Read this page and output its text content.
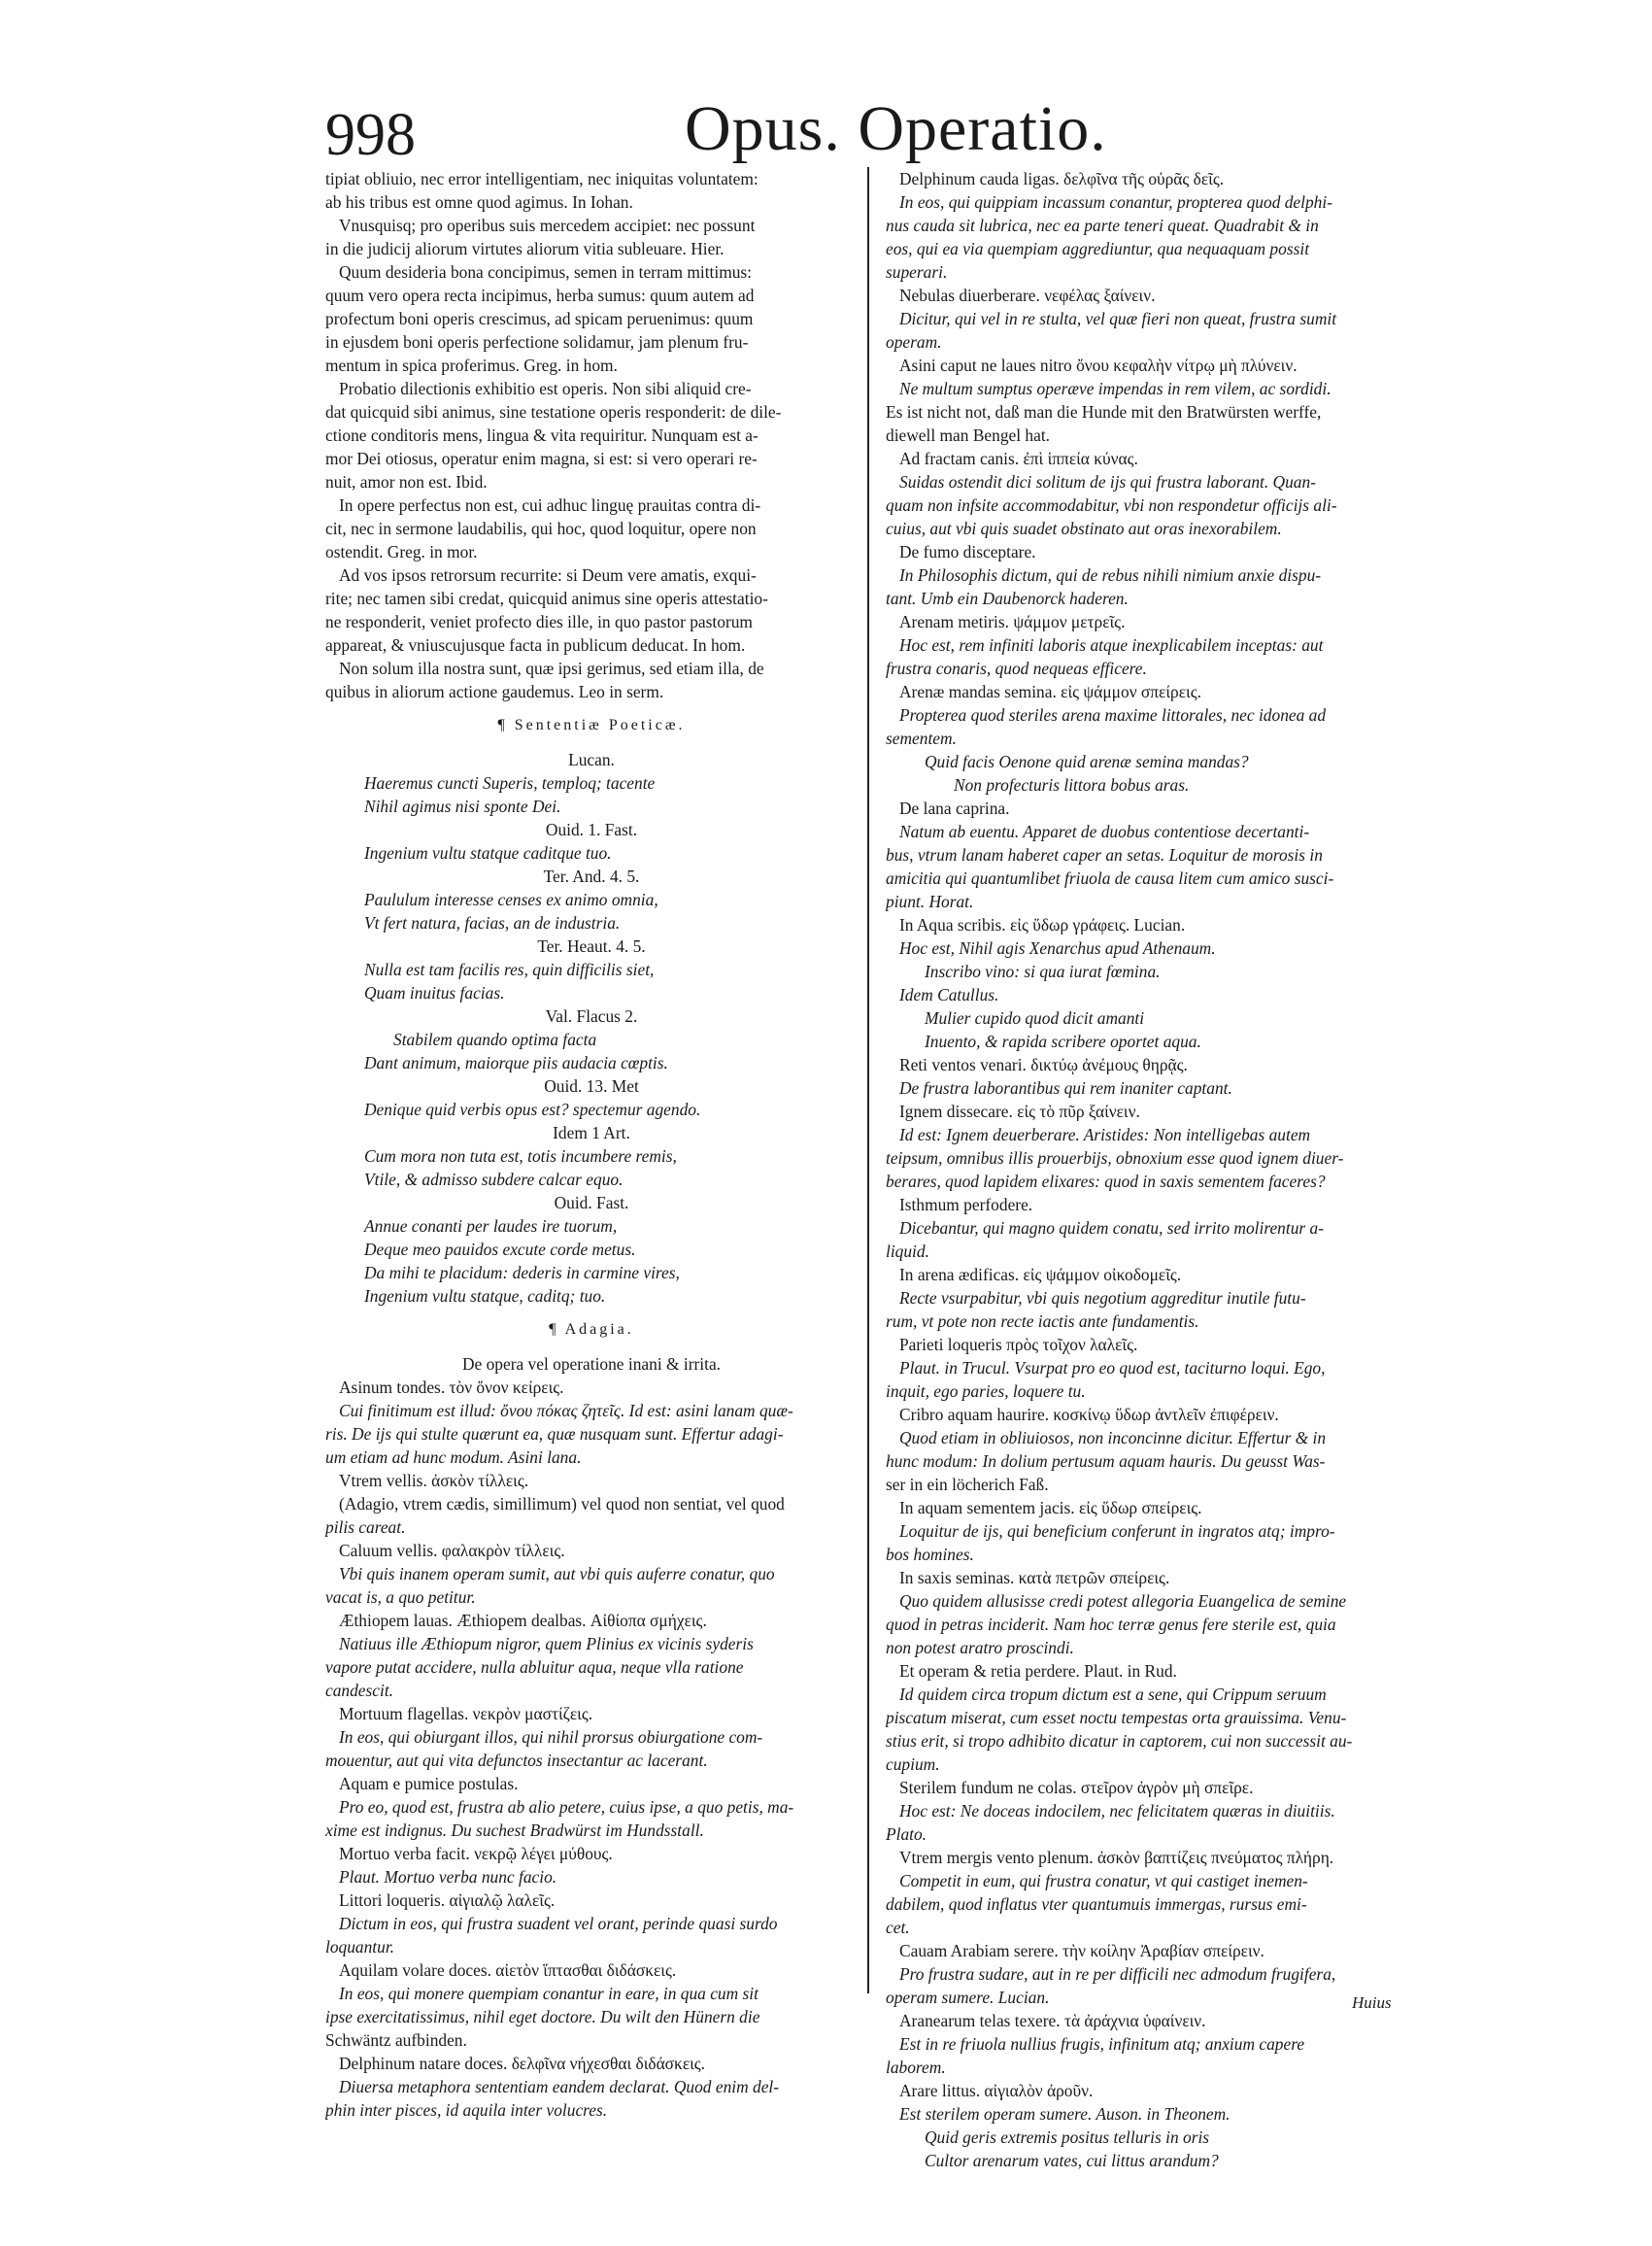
998	Opus. Operatio.
tipiat obliuio, nec error intelligentiam, nec iniquitas voluntatem:
ab his tribus est omne quod agimus. In Iohan.
Vnusquisq; pro operibus suis mercedem accipiet: nec possunt
in die judicij aliorum virtutes aliorum vitia subleuare. Hier.
Quum desideria bona concipimus, semen in terram mittimus:
quum vero opera recta incipimus, herba sumus: quum autem ad
profectum boni operis crescimus, ad spicam peruenimus: quum
in ejusdem boni operis perfectione solidamur, jam plenum fru-
mentum in spica proferimus. Greg. in hom.
Probatio dilectionis exhibitio est operis. Non sibi aliquid cre-
dat quicquid sibi animus, sine testatione operis responderit: de dile-
ctione conditoris mens, lingua & vita requiritur. Nunquam est a-
mor Dei otiosus, operatur enim magna, si est: si vero operari re-
nuit, amor non est. Ibid.
In opere perfectus non est, cui adhuc linguę prauitas contra di-
cit, nec in sermone laudabilis, qui hoc, quod loquitur, opere non
ostendit. Greg. in mor.
Ad vos ipsos retrorsum recurrite: si Deum vere amatis, exqui-
rite; nec tamen sibi credat, quicquid animus sine operis attestatio-
ne responderit, veniet profecto dies ille, in quo pastor pastorum
appareat, & vniuscujusque facta in publicum deducat. In hom.
Non solum illa nostra sunt, quæ ipsi gerimus, sed etiam illa, de
quibus in aliorum actione gaudemus. Leo in serm.
¶ Sententiæ Poeticæ.
Lucan.
Haeremus cuncti Superis, temploq; tacente
Nihil agimus nisi sponte Dei.
Ouid. 1. Fast.
Ingenium vultu statque caditque tuo.
Ter. And. 4. 5.
Paululum interesse censes ex animo omnia,
Vt fert natura, facias, an de industria.
Ter. Heaut. 4. 5.
Nulla est tam facilis res, quin difficilis siet,
Quam inuitus facias.
Val. Flacus 2.
Stabilem quando optima facta
Dant animum, maiorque piis audacia cœptis.
Ouid. 13. Met
Denique quid verbis opus est? spectemur agendo.
Idem 1 Art.
Cum mora non tuta est, totis incumbere remis,
Vtile, & admisso subdere calcar equo.
Ouid. Fast.
Annue conanti per laudes ire tuorum,
Deque meo pauidos excute corde metus.
Da mihi te placidum: dederis in carmine vires,
Ingenium vultu statque, caditq; tuo.
¶ Adagia.
De opera vel operatione inani & irrita.
Asinum tondes. τὸν ὄνον κείρεις.
Cui finitimum est illud: ὄνου πόκας ζητεῖς. Id est: asini lanam quæ-
ris. De ijs qui stulte quærunt ea, quæ nusquam sunt. Effertur adagi-
um etiam ad hunc modum. Asini lana.
Vtrem vellis. ἀσκὸν τίλλεις.
(Adagio, vtrem cædis, simillimum) vel quod non sentiat, vel quod
pilis careat.
Caluum vellis. φαλακρὸν τίλλεις.
Vbi quis inanem operam sumit, aut vbi quis auferre conatur, quo
vacat is, a quo petitur.
Æthiopem lauas. Æthiopem dealbas. Αἰθίοπα σμήχεις.
Natiuus ille Æthiopum nigror, quem Plinius ex vicinis syderis
vapore putat accidere, nulla abluitur aqua, neque vlla ratione
candescit.
Mortuum flagellas. νεκρὸν μαστίζεις.
In eos, qui obiurgant illos, qui nihil prorsus obiurgatione com-
mouentur, aut qui vita defunctos insectantur ac lacerant.
Aquam e pumice postulas.
Pro eo, quod est, frustra ab alio petere, cuius ipse, a quo petis, ma-
xime est indignus. Du suchest Bradwürst im Hundsstall.
Mortuo verba facit. νεκρῷ λέγει μύθους.
Plaut. Mortuo verba nunc facio.
Littori loqueris. αἰγιαλῷ λαλεῖς.
Dictum in eos, qui frustra suadent vel orant, perinde quasi surdo
loquantur.
Aquilam volare doces. αἰετὸν ἵπτασθαι διδάσκεις.
In eos, qui monere quempiam conantur in eare, in qua cum sit
ipse exercitatissimus, nihil eget doctore. Du wilt den Hünern die
Schwäntz aufbinden.
Delphinum natare doces. δελφῖνα νήχεσθαι διδάσκεις.
Diuersa metaphora sententiam eandem declarat. Quod enim del-
phin inter pisces, id aquila inter volucres.
Delphinum cauda ligas. δελφῖνα τῆς οὐρᾶς δεῖς.
In eos, qui quippiam incassum conantur, propterea quod delphi-
nus cauda sit lubrica, nec ea parte teneri queat. Quadrabit & in
eos, qui ea via quempiam aggrediuntur, qua nequaquam possit
superari.
Nebulas diuerberare. νεφέλας ξαίνειν.
Dicitur, qui vel in re stulta, vel quæ fieri non queat, frustra sumit
operam.
Asini caput ne laues nitro ὄνου κεφαλὴν νίτρῳ μὴ πλύνειν.
Ne multum sumptus operæve impendas in rem vilem, ac sordidi.
Es ist nicht not, daß man die Hunde mit den Bratwürsten werffe,
diewell man Bengel hat.
Ad fractam canis. ἐπὶ ἱππεία κύνας.
Suidas ostendit dici solitum de ijs qui frustra laborant. Quan-
quam non infsite accommodabitur, vbi non respondetur officijs ali-
cuius, aut vbi quis suadet obstinato aut oras inexorabilem.
De fumo disceptare.
In Philosophis dictum, qui de rebus nihili nimium anxie dispu-
tant. Umb ein Daubenorck haderen.
Arenam metiris. ψάμμον μετρεῖς.
Hoc est, rem infiniti laboris atque inexplicabilem inceptas: aut
frustra conaris, quod nequeas efficere.
Arenæ mandas semina. εἰς ψάμμον σπείρεις.
Propterea quod steriles arena maxime littorales, nec idonea ad
sementem.
Quid facis Oenone quid arenæ semina mandas?
Non profecturis littora bobus aras.
De lana caprina.
Natum ab euentu. Apparet de duobus contentiose decertanti-
bus, vtrum lanam haberet caper an setas. Loquitur de morosis in
amicitia qui quantumlibet friuola de causa litem cum amico susci-
piunt. Horat.
In Aqua scribis. εἰς ὕδωρ γράφεις. Lucian.
Hoc est, Nihil agis Xenarchus apud Athenaum.
Inscribo vino: si qua iurat fœmina.
Idem Catullus.
Mulier cupido quod dicit amanti
Inuento, & rapida scribere oportet aqua.
Reti ventos venari. δικτύῳ ἀνέμους θηρᾷς.
De frustra laborantibus qui rem inaniter captant.
Ignem dissecare. εἰς τὸ πῦρ ξαίνειν.
Id est: Ignem deuerberare. Aristides: Non intelligebas autem
teipsum, omnibus illis prouerbijs, obnoxium esse quod ignem diuer-
berares, quod lapidem elixares: quod in saxis sementem faceres?
Isthmum perfodere.
Dicebantur, qui magno quidem conatu, sed irrito molirentur a-
liquid.
In arena ædificas. εἰς ψάμμον οἰκοδομεῖς.
Recte vsurpabitur, vbi quis negotium aggreditur inutile futu-
rum, vt pote non recte iactis ante fundamentis.
Parieti loqueris πρὸς τοῖχον λαλεῖς.
Plaut. in Trucul. Vsurpat pro eo quod est, taciturno loqui. Ego,
inquit, ego paries, loquere tu.
Cribro aquam haurire. κοσκίνῳ ὕδωρ ἀντλεῖν ἐπιφέρειν.
Quod etiam in obliuiosos, non inconcinne dicitur. Effertur & in
hunc modum: In dolium pertusum aquam hauris. Du geusst Was-
ser in ein löcherich Faß.
In aquam sementem jacis. εἰς ὕδωρ σπείρεις.
Loquitur de ijs, qui beneficium conferunt in ingratos atq; impro-
bos homines.
In saxis seminas. κατὰ πετρῶν σπείρεις.
Quo quidem allusisse credi potest allegoria Euangelica de semine
quod in petras inciderit. Nam hoc terræ genus fere sterile est, quia
non potest aratro proscindi.
Et operam & retia perdere. Plaut. in Rud.
Id quidem circa tropum dictum est a sene, qui Crippum seruum
piscatum miserat, cum esset noctu tempestas orta grauissima. Venu-
stius erit, si tropo adhibito dicatur in captorem, cui non successit au-
cupium.
Sterilem fundum ne colas. στεῖρον ἀγρὸν μὴ σπεῖρε.
Hoc est: Ne doceas indocilem, nec felicitatem quæras in diuitiis.
Plato.
Vtrem mergis vento plenum. ἀσκὸν βαπτίζεις πνεύματος πλήρη.
Competit in eum, qui frustra conatur, vt qui castiget inemen-
dabilem, quod inflatus vter quantumuis immergas, rursus emi-
cet.
Cauam Arabiam serere. τὴν κοίλην Ἀραβίαν σπείρειν.
Pro frustra sudare, aut in re per difficili nec admodum frugifera,
operam sumere. Lucian.
Aranearum telas texere. τὰ ἀράχνια ὑφαίνειν.
Est in re friuola nullius frugis, infinitum atq; anxium capere
laborem.
Arare littus. αἰγιαλὸν ἀροῦν.
Est sterilem operam sumere. Auson. in Theonem.
Quid geris extremis positus telluris in oris
Cultor arenarum vates, cui littus arandum?
Huius
